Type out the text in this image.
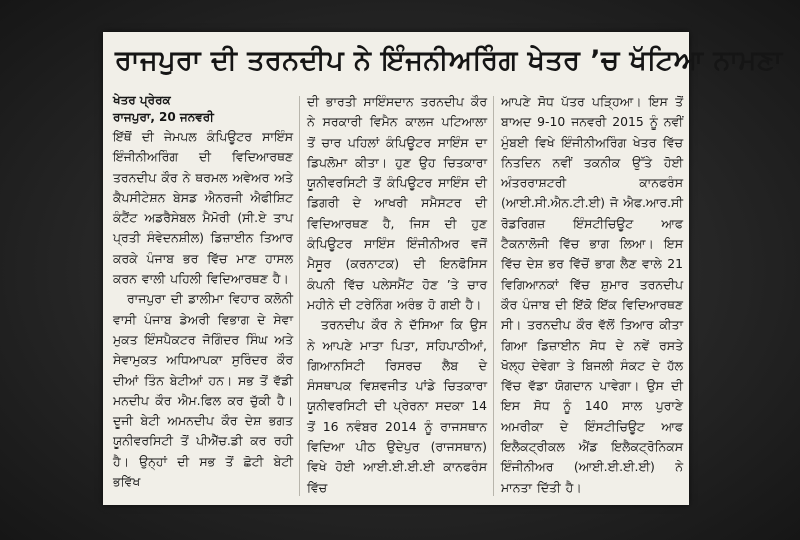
ਰਾਜਪੁਰਾ ਦੀ ਤਰਨਦੀਪ ਨੇ ਇੰਜਨੀਅਰਿੰਗ ਖੇਤਰ ’ਚ ਖੱਟਿਆ ਨਾਮਣਾ

ਖੇਤਰ ਪ੍ਰੇਰਕ

ਰਾਜਪੁਰਾ, 20 ਜਨਵਰੀ

ਇੱਥੋਂ ਦੀ ਜੇਮਪਲ ਕੰਪਿਊਟਰ ਸਾਇੰਸ ਇੰਜੀਨੀਅਰਿੰਗ ਦੀ ਵਿਦਿਆਰਥਣ ਤਰਨਦੀਪ ਕੌਰ ਨੇ ਥਰਮਲ ਅਵੇਅਰ ਅਤੇ ਕੈਪਸੀਟੇਸ਼ਨ ਬੇਸਡ ਐਨਰਜੀ ਐਫੀਸ਼ਿਟ ਕੰਟੈਂਟ ਅਡਰੈਸੇਬਲ ਮੈਮੋਰੀ (ਸੀ.ਏ ਤਾਪ ਪ੍ਰਤੀ ਸੰਵੇਦਨਸ਼ੀਲ) ਡਿਜ਼ਾਈਨ ਤਿਆਰ ਕਰਕੇ ਪੰਜਾਬ ਭਰ ਵਿੱਚ ਮਾਣ ਹਾਸਲ ਕਰਨ ਵਾਲੀ ਪਹਿਲੀ ਵਿਦਿਆਰਥਣ ਹੈ।

ਰਾਜਪੁਰਾ ਦੀ ਡਾਲੀਮਾ ਵਿਹਾਰ ਕਲੋਨੀ ਵਾਸੀ ਪੰਜਾਬ ਡੇਅਰੀ ਵਿਭਾਗ ਦੇ ਸੇਵਾ ਮੁਕਤ ਇੰਸਪੈਕਟਰ ਜੋਗਿੰਦਰ ਸਿੰਘ ਅਤੇ ਸੇਵਾਮੁਕਤ ਅਧਿਆਪਕਾ ਸੁਰਿੰਦਰ ਕੌਰ ਦੀਆਂ ਤਿੰਨ ਬੇਟੀਆਂ ਹਨ। ਸਭ ਤੋਂ ਵੱਡੀ ਮਨਦੀਪ ਕੌਰ ਐਮ.ਫਿਲ ਕਰ ਚੁੱਕੀ ਹੈ। ਦੂਜੀ ਬੇਟੀ ਅਮਨਦੀਪ ਕੌਰ ਦੇਸ਼ ਭਗਤ ਯੂਨੀਵਰਸਿਟੀ ਤੋਂ ਪੀਐੱਚ.ਡੀ ਕਰ ਰਹੀ ਹੈ। ਉਨ੍ਹਾਂ ਦੀ ਸਭ ਤੋਂ ਛੋਟੀ ਬੇਟੀ ਭਵਿੱਖ

ਦੀ ਭਾਰਤੀ ਸਾਇੰਸਦਾਨ ਤਰਨਦੀਪ ਕੌਰ ਨੇ ਸਰਕਾਰੀ ਵਿਮੈਨ ਕਾਲਜ ਪਟਿਆਲਾ ਤੋਂ ਚਾਰ ਪਹਿਲਾਂ ਕੰਪਿਊਟਰ ਸਾਇੰਸ ਦਾ ਡਿਪਲੋਮਾ ਕੀਤਾ। ਹੁਣ ਉਹ ਚਿਤਕਾਰਾ ਯੂਨੀਵਰਸਿਟੀ ਤੋਂ ਕੰਪਿਊਟਰ ਸਾਇੰਸ ਦੀ ਡਿਗਰੀ ਦੇ ਆਖਰੀ ਸਮੈਸਟਰ ਦੀ ਵਿਦਿਆਰਥਣ ਹੈ, ਜਿਸ ਦੀ ਹੁਣ ਕੰਪਿਊਟਰ ਸਾਇੰਸ ਇੰਜੀਨੀਅਰ ਵਜੋਂ ਮੈਸੂਰ (ਕਰਨਾਟਕ) ਦੀ ਇਨਫੋਸਿਸ ਕੰਪਨੀ ਵਿੱਚ ਪਲੇਸਮੈਂਟ ਹੋਣ ’ਤੇ ਚਾਰ ਮਹੀਨੇ ਦੀ ਟਰੇਨਿੰਗ ਅਰੰਭ ਹੋ ਗਈ ਹੈ।

ਤਰਨਦੀਪ ਕੌਰ ਨੇ ਦੱਸਿਆ ਕਿ ਉਸ ਨੇ ਆਪਣੇ ਮਾਤਾ ਪਿਤਾ, ਸਹਿਪਾਠੀਆਂ, ਗਿਆਨਸਿਟੀ ਰਿਸਰਚ ਲੈਬ ਦੇ ਸੰਸਥਾਪਕ ਵਿਸ਼ਵਜੀਤ ਪਾਂਡੇ ਚਿਤਕਾਰਾ ਯੂਨੀਵਰਸਿਟੀ ਦੀ ਪ੍ਰੇਰਨਾ ਸਦਕਾ 14 ਤੋਂ 16 ਨਵੰਬਰ 2014 ਨੂੰ ਰਾਜਸਥਾਨ ਵਿਦਿਆ ਪੀਠ ਉਦੇਪੁਰ (ਰਾਜਸਥਾਨ) ਵਿਖੇ ਹੋਈ ਆਈ.ਈ.ਈ.ਈ ਕਾਨਫਰੰਸ ਵਿੱਚ

ਆਪਣੇ ਸੋਧ ਪੱਤਰ ਪੜ੍ਹਿਆ। ਇਸ ਤੋਂ ਬਾਅਦ 9-10 ਜਨਵਰੀ 2015 ਨੂੰ ਨਵੀਂ ਮੁੰਬਈ ਵਿਖੇ ਇੰਜੀਨੀਅਰਿੰਗ ਖੇਤਰ ਵਿੱਚ ਨਿਤਦਿਨ ਨਵੀਂ ਤਕਨੀਕ ਉੱਤੇ ਹੋਈ ਅੰਤਰਰਾਸ਼ਟਰੀ ਕਾਨਫਰੰਸ (ਆਈ.ਸੀ.ਐਨ.ਟੀ.ਈ) ਜੋ ਐਫ.ਆਰ.ਸੀ ਰੋਡਰਿਗਜ਼ ਇੰਸਟੀਚਿਊਟ ਆਫ ਟੈਕਨਾਲੋਜੀ ਵਿੱਚ ਭਾਗ ਲਿਆ। ਇਸ ਵਿੱਚ ਦੇਸ਼ ਭਰ ਵਿੱਚੋਂ ਭਾਗ ਲੈਣ ਵਾਲੇ 21 ਵਿਗਿਆਨਕਾਂ ਵਿੱਚ ਸ਼ੁਮਾਰ ਤਰਨਦੀਪ ਕੌਰ ਪੰਜਾਬ ਦੀ ਇੱਕੋ ਇੱਕ ਵਿਦਿਆਰਥਣ ਸੀ। ਤਰਨਦੀਪ ਕੌਰ ਵੱਲੋਂ ਤਿਆਰ ਕੀਤਾ ਗਿਆ ਡਿਜ਼ਾਈਨ ਸੋਧ ਦੇ ਨਵੇਂ ਰਸਤੇ ਖੋਲ੍ਹ ਦੇਵੇਗਾ ਤੇ ਬਿਜਲੀ ਸੰਕਟ ਦੇ ਹੱਲ ਵਿੱਚ ਵੱਡਾ ਯੋਗਦਾਨ ਪਾਵੇਗਾ। ਉਸ ਦੀ ਇਸ ਸੋਧ ਨੂੰ 140 ਸਾਲ ਪੁਰਾਣੇ ਅਮਰੀਕਾ ਦੇ ਇੰਸਟੀਚਿਊਟ ਆਫ ਇਲੈਕਟ੍ਰੀਕਲ ਐਂਡ ਇਲੈਕਟ੍ਰੋਨਿਕਸ ਇੰਜੀਨੀਅਰ (ਆਈ.ਈ.ਈ.ਈ) ਨੇ ਮਾਨਤਾ ਦਿੱਤੀ ਹੈ।
